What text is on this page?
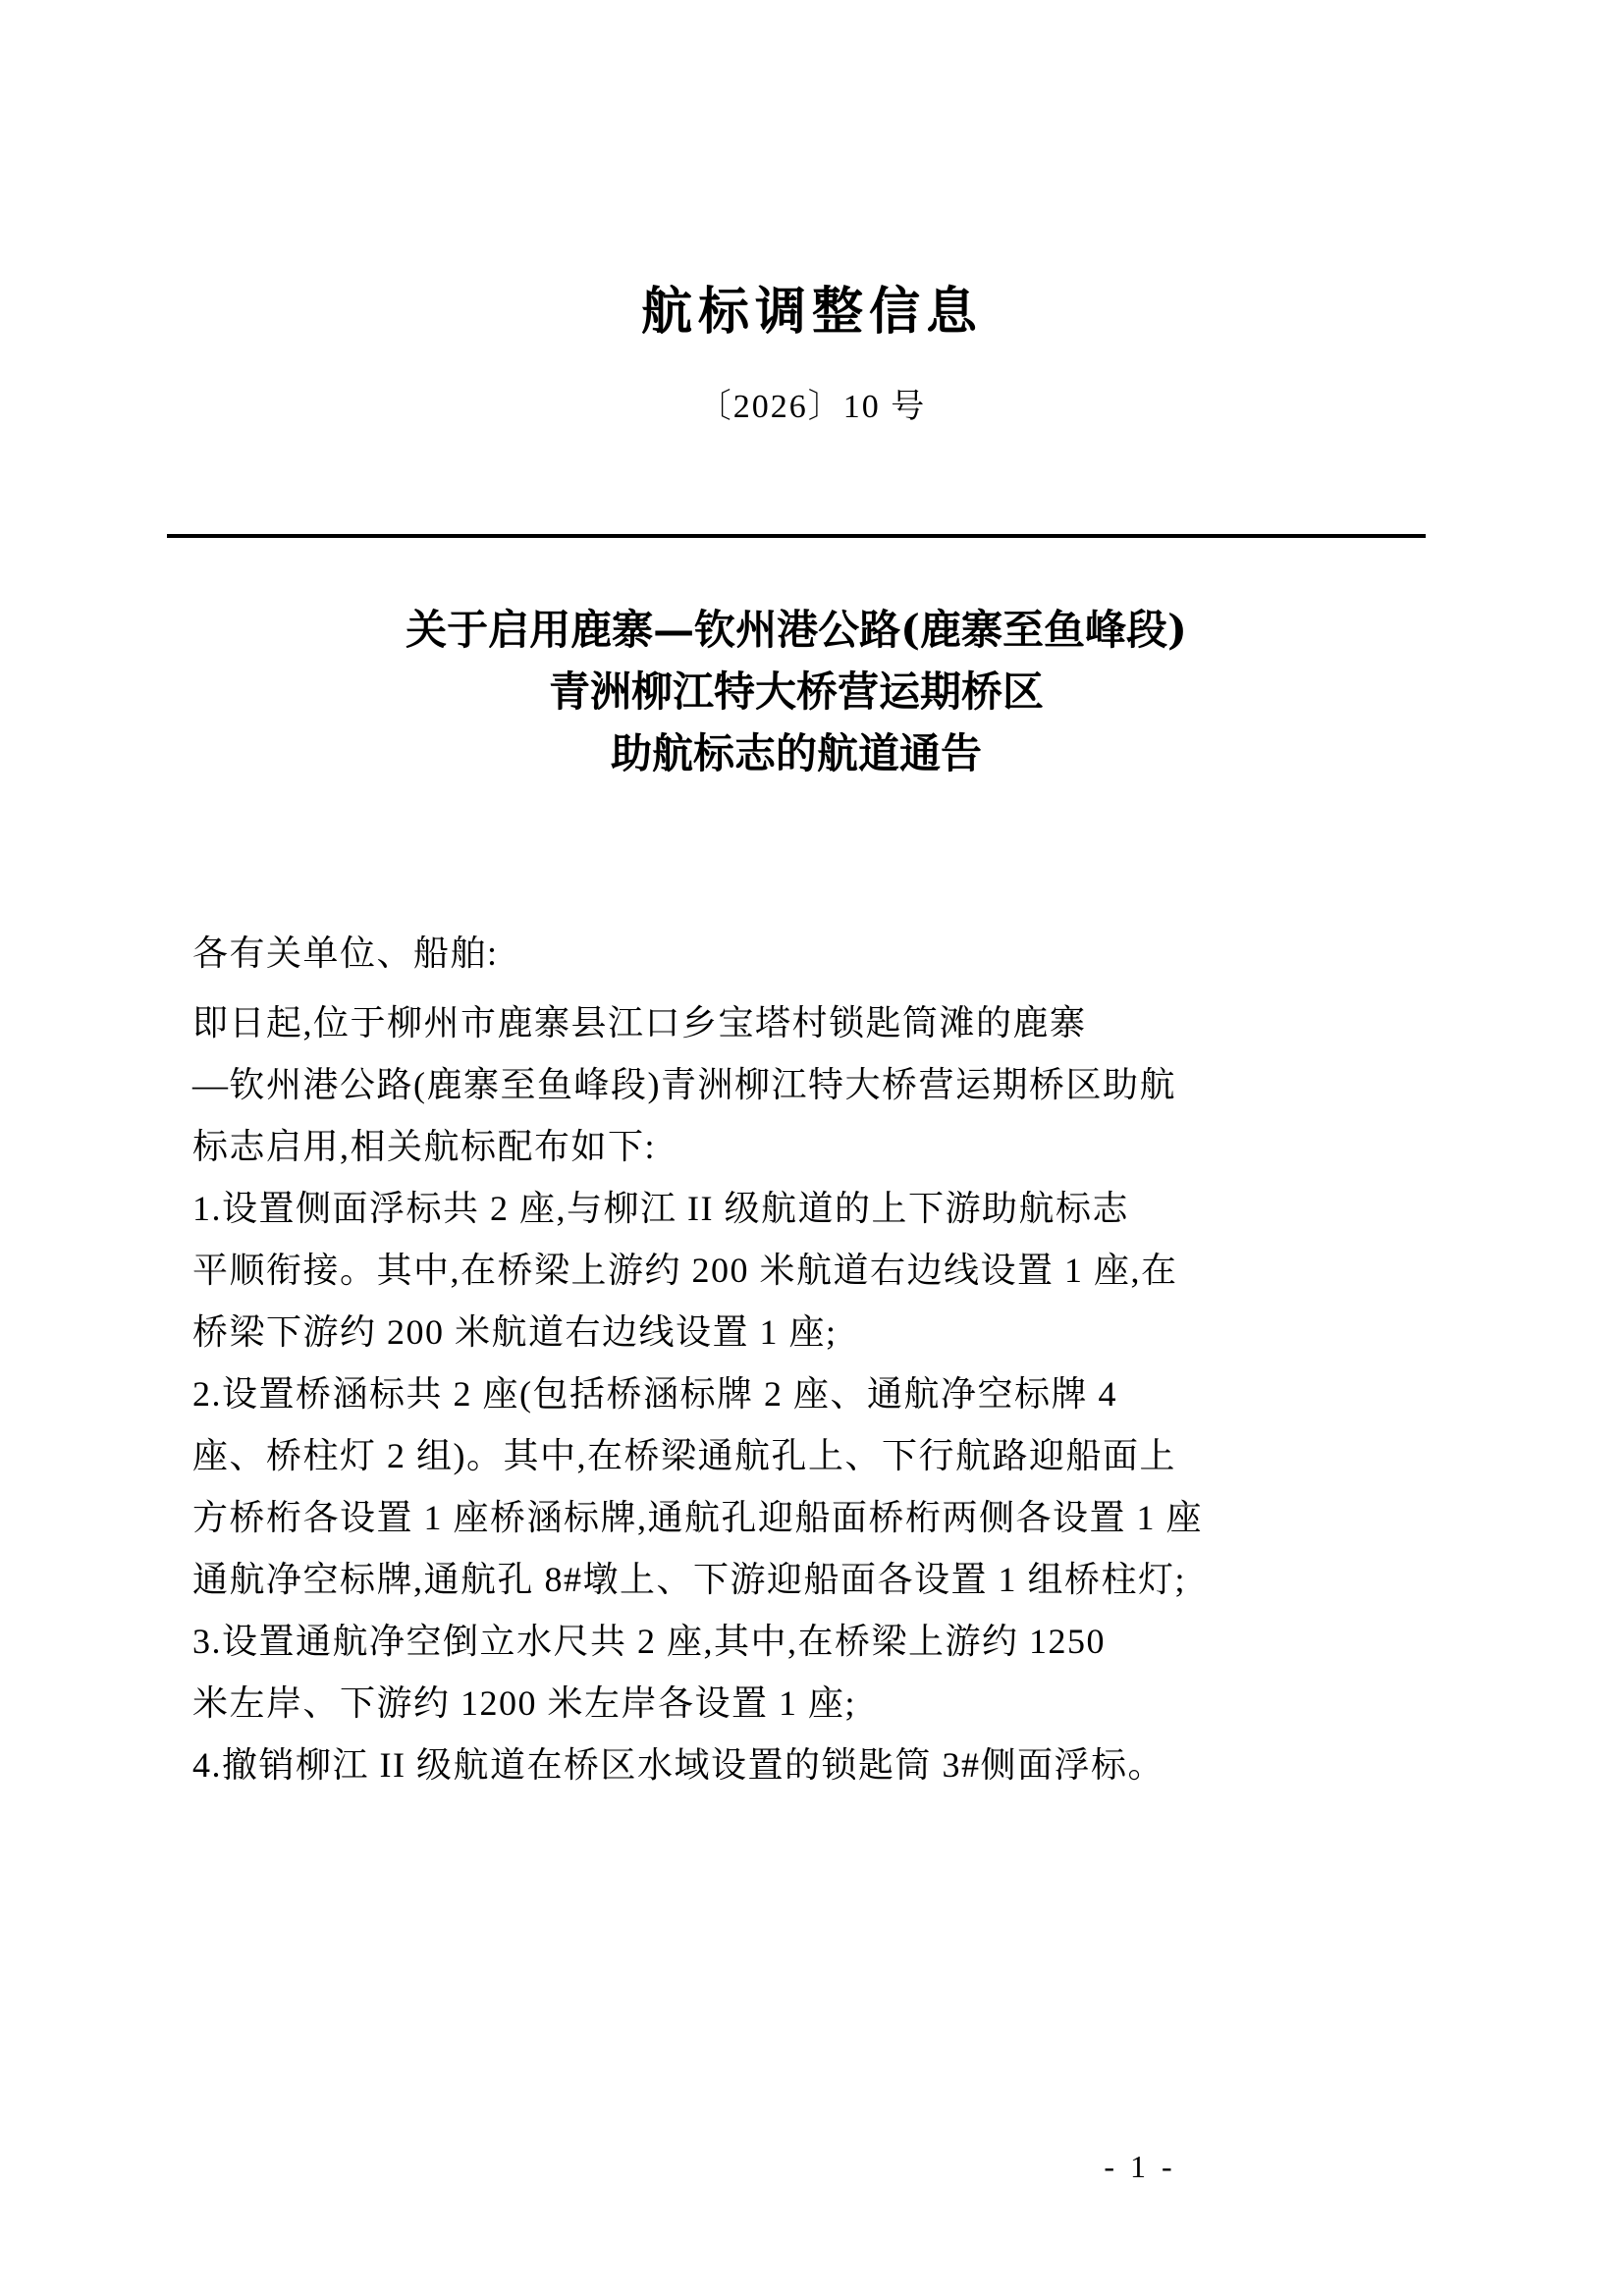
航标调整信息
〔2026〕10 号
关于启用鹿寨—钦州港公路(鹿寨至鱼峰段)
青洲柳江特大桥营运期桥区
助航标志的航道通告
各有关单位、船舶:
即日起,位于柳州市鹿寨县江口乡宝塔村锁匙筒滩的鹿寨
—钦州港公路(鹿寨至鱼峰段)青洲柳江特大桥营运期桥区助航
标志启用,相关航标配布如下:
1.设置侧面浮标共 2 座,与柳江 II 级航道的上下游助航标志
平顺衔接。其中,在桥梁上游约 200 米航道右边线设置 1 座,在
桥梁下游约 200 米航道右边线设置 1 座;
2.设置桥涵标共 2 座(包括桥涵标牌 2 座、通航净空标牌 4
座、桥柱灯 2 组)。其中,在桥梁通航孔上、下行航路迎船面上
方桥桁各设置 1 座桥涵标牌,通航孔迎船面桥桁两侧各设置 1 座
通航净空标牌,通航孔 8#墩上、下游迎船面各设置 1 组桥柱灯;
3.设置通航净空倒立水尺共 2 座,其中,在桥梁上游约 1250
米左岸、下游约 1200 米左岸各设置 1 座;
4.撤销柳江 II 级航道在桥区水域设置的锁匙筒 3#侧面浮标。

- 1 -
